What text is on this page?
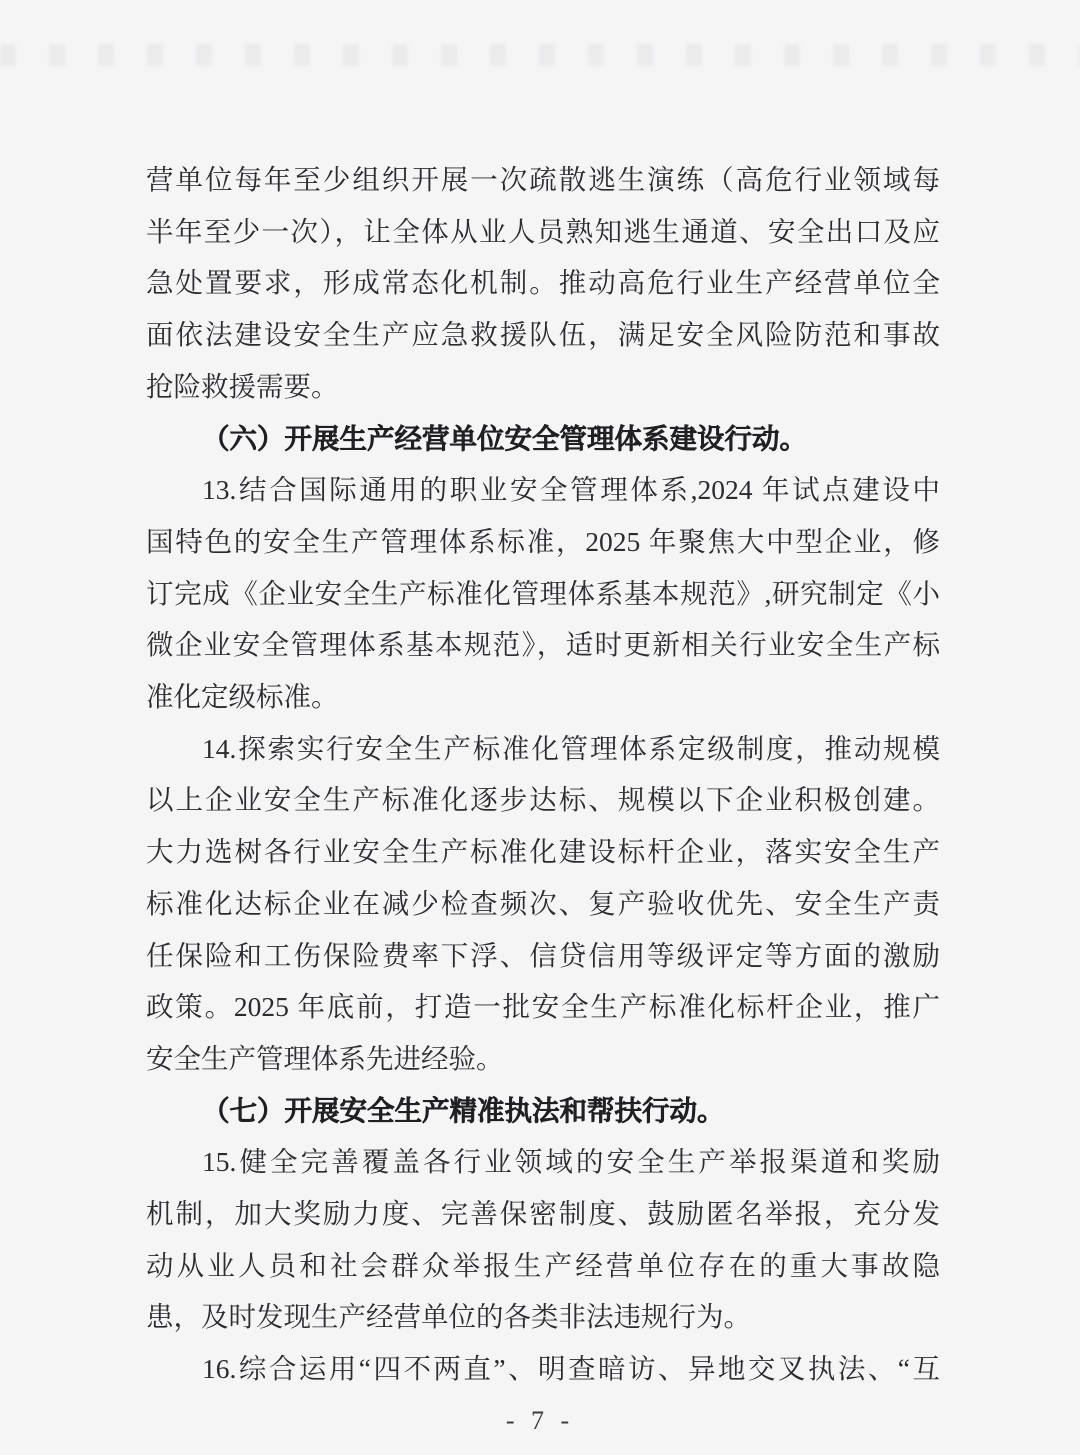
营单位每年至少组织开展一次疏散逃生演练（高危行业领域每
半年至少一次），让全体从业人员熟知逃生通道、安全出口及应
急处置要求，形成常态化机制。推动高危行业生产经营单位全
面依法建设安全生产应急救援队伍，满足安全风险防范和事故
抢险救援需要。
（六）开展生产经营单位安全管理体系建设行动。
13.结合国际通用的职业安全管理体系,2024 年试点建设中
国特色的安全生产管理体系标准，2025 年聚焦大中型企业，修
订完成《企业安全生产标准化管理体系基本规范》,研究制定《小
微企业安全管理体系基本规范》，适时更新相关行业安全生产标
准化定级标准。
14.探索实行安全生产标准化管理体系定级制度，推动规模
以上企业安全生产标准化逐步达标、规模以下企业积极创建。
大力选树各行业安全生产标准化建设标杆企业，落实安全生产
标准化达标企业在减少检查频次、复产验收优先、安全生产责
任保险和工伤保险费率下浮、信贷信用等级评定等方面的激励
政策。2025 年底前，打造一批安全生产标准化标杆企业，推广
安全生产管理体系先进经验。
（七）开展安全生产精准执法和帮扶行动。
15.健全完善覆盖各行业领域的安全生产举报渠道和奖励
机制，加大奖励力度、完善保密制度、鼓励匿名举报，充分发
动从业人员和社会群众举报生产经营单位存在的重大事故隐
患，及时发现生产经营单位的各类非法违规行为。
16.综合运用“四不两直”、明查暗访、异地交叉执法、“互
- 7 -
